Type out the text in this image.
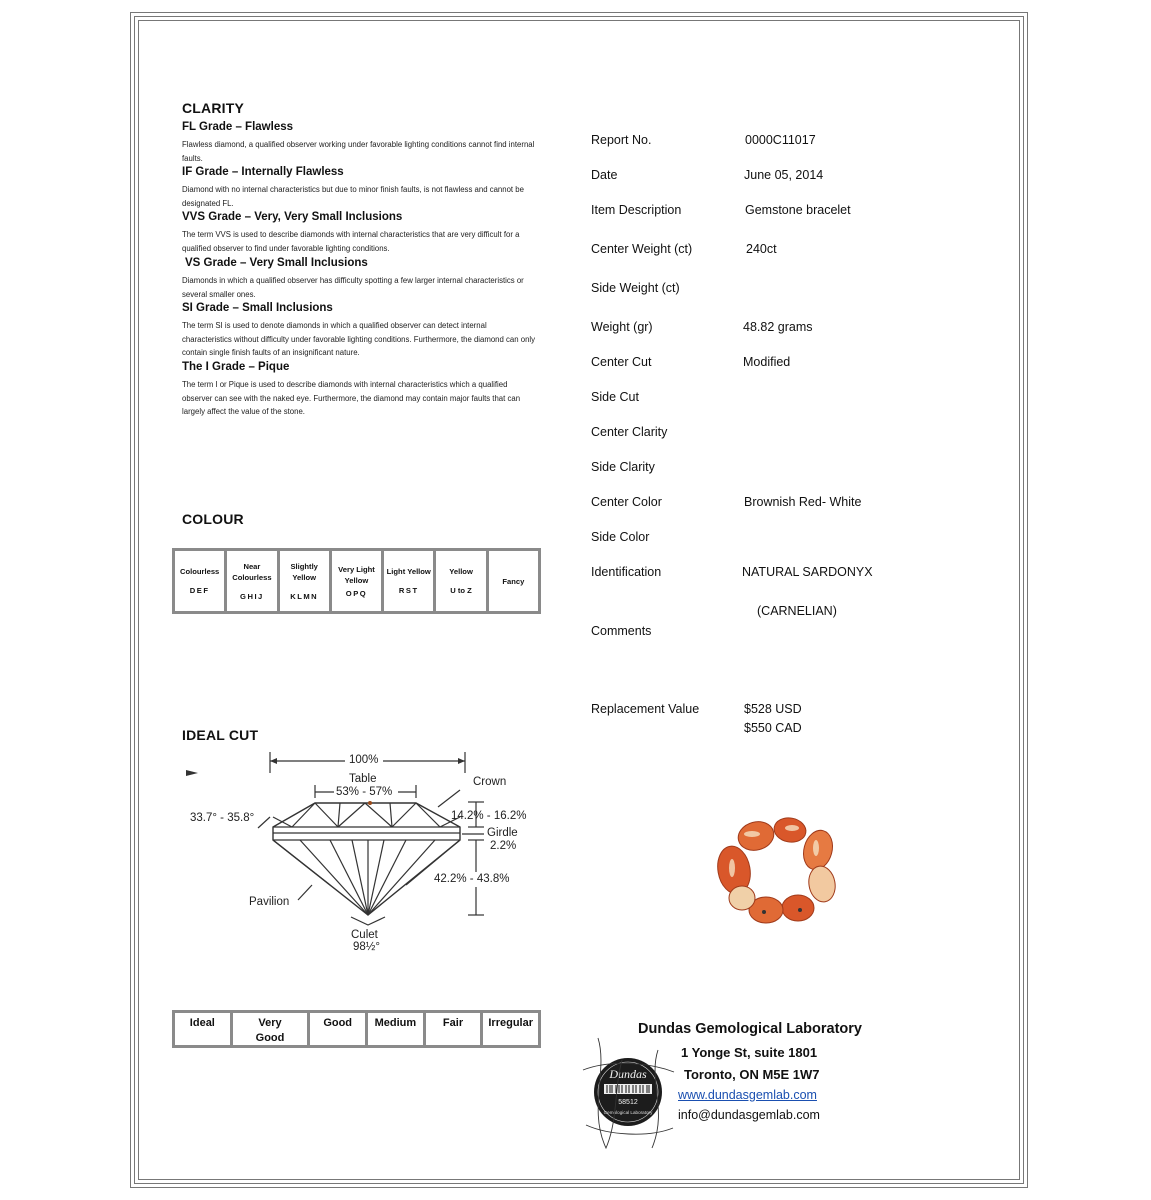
CLARITY
FL Grade – Flawless
Flawless diamond, a qualified observer working under favorable lighting conditions cannot find internal faults.
IF Grade – Internally Flawless
Diamond with no internal characteristics but due to minor finish faults, is not flawless and cannot be designated FL.
VVS Grade – Very, Very Small Inclusions
The term VVS is used to describe diamonds with internal characteristics that are very difficult for a qualified observer to find under favorable lighting conditions.
VS Grade – Very Small Inclusions
Diamonds in which a qualified observer has difficulty spotting a few larger internal characteristics or several smaller ones.
SI Grade – Small Inclusions
The term SI is used to denote diamonds in which a qualified observer can detect internal characteristics without difficulty under favorable lighting conditions. Furthermore, the diamond can only contain single finish faults of an insignificant nature.
The I Grade – Pique
The term I or Pique is used to describe diamonds with internal characteristics which a qualified observer can see with the naked eye. Furthermore, the diamond may contain major faults that can largely affect the value of the stone.
COLOUR
Colourless
DEF
Near Colourless
GHIJ
Slightly Yellow
KLMN
Very Light Yellow
OPQ
Light Yellow
RST
Yellow
U to Z
Fancy
IDEAL CUT
100%
Table
53% - 57%
Crown
33.7° - 35.8°	14.2% - 16.2%
Girdle
2.2%
42.2% - 43.8%
Pavilion
Culet
98½°
Ideal	Very Good
Good	Medium	Fair	Irregular
Report No.	0000C11017
Date	June 05, 2014
Item Description	Gemstone bracelet
Center Weight (ct)	240ct
Side Weight (ct)
Weight (gr)	48.82 grams
Center Cut	Modified
Side Cut
Center Clarity
Side Clarity
Center Color	Brownish Red- White
Side Color
Identification	NATURAL SARDONYX
(CARNELIAN)
Comments
Replacement Value	$528 USD
$550 CAD
Dundas Gemological Laboratory
1 Yonge St, suite 1801
Toronto, ON M5E 1W7
www.dundasgemlab.com
info@dundasgemlab.com
Dundas
58512
Gemological Laboratory
